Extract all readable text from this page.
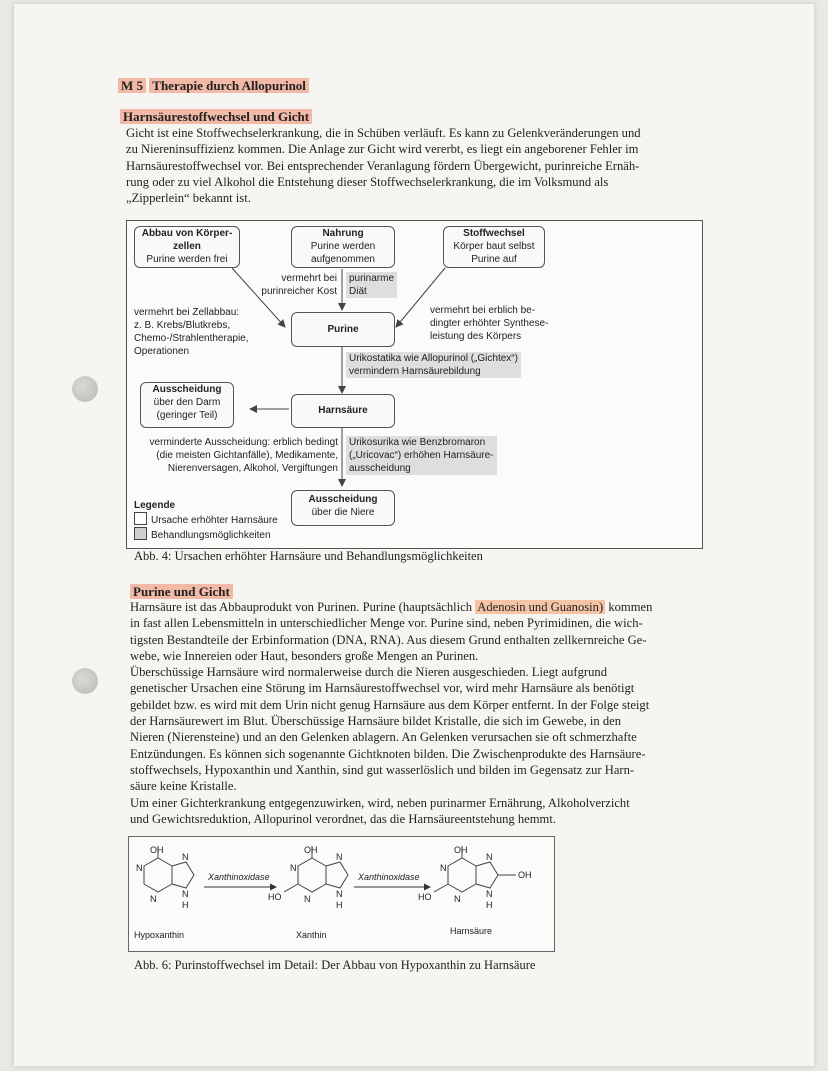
M 5 Therapie durch Allopurinol
Harnsäurestoffwechsel und Gicht

Gicht ist eine Stoffwechselerkrankung, die in Schüben verläuft. Es kann zu Gelenkveränderungen und

zu Niereninsuffizienz kommen. Die Anlage zur Gicht wird vererbt, es liegt ein angeborener Fehler im

Harnsäurestoffwechsel vor. Bei entsprechender Veranlagung fördern Übergewicht, purinreiche Ernäh-

rung oder zu viel Alkohol die Entstehung dieser Stoffwechselerkrankung, die im Volksmund als

„Zipperlein“ bekannt ist.

Abbau von Körper-
zellen
Purine werden frei
Nahrung
Purine werden
aufgenommen
Stoffwechsel
Körper baut selbst
Purine auf
vermehrt bei
purinreicher Kost
purinarme
Diät
vermehrt bei Zellabbau:
z. B. Krebs/Blutkrebs,
Chemo-/Strahlentherapie,
Operationen
vermehrt bei erblich be-
dingter erhöhter Synthese-
leistung des Körpers
Purine
Urikostatika wie Allopurinol („Gichtex“)
vermindern Harnsäurebildung
Ausscheidung
über den Darm
(geringer Teil)	Harnsäure
verminderte Ausscheidung: erblich bedingt
(die meisten Gichtanfälle), Medikamente,
Nierenversagen, Alkohol, Vergiftungen
Urikosurika wie Benzbromaron
(„Uricovac“) erhöhen Harnsäure-
ausscheidung
Ausscheidung
über die Niere
Legende
Ursache erhöhter Harnsäure
Behandlungsmöglichkeiten
Abb. 4: Ursachen erhöhter Harnsäure und Behandlungsmöglichkeiten
Purine und Gicht

Harnsäure ist das Abbauprodukt von Purinen. Purine (hauptsächlich Adenosin und Guanosin) kommen

in fast allen Lebensmitteln in unterschiedlicher Menge vor. Purine sind, neben Pyrimidinen, die wich-

tigsten Bestandteile der Erbinformation (DNA, RNA). Aus diesem Grund enthalten zellkernreiche Ge-

webe, wie Innereien oder Haut, besonders große Mengen an Purinen.

Überschüssige Harnsäure wird normalerweise durch die Nieren ausgeschieden. Liegt aufgrund

genetischer Ursachen eine Störung im Harnsäurestoffwechsel vor, wird mehr Harnsäure als benötigt

gebildet bzw. es wird mit dem Urin nicht genug Harnsäure aus dem Körper entfernt. In der Folge steigt

der Harnsäurewert im Blut. Überschüssige Harnsäure bildet Kristalle, die sich im Gewebe, in den

Nieren (Nierensteine) und an den Gelenken ablagern. An Gelenken verursachen sie oft schmerzhafte

Entzündungen. Es können sich sogenannte Gichtknoten bilden. Die Zwischenprodukte des Harnsäure-

stoffwechsels, Hypoxanthin und Xanthin, sind gut wasserlöslich und bilden im Gegensatz zur Harn-

säure keine Kristalle.

Um einer Gichterkrankung entgegenzuwirken, wird, neben purinarmer Ernährung, Alkoholverzicht

und Gewichtsreduktion, Allopurinol verordnet, das die Harnsäureentstehung hemmt.

OH
N
N
N
N
H
OH
N
N
N
N
H
HO
OH
N
N
N
N
H
HO
OH
Xanthinoxidase	Xanthinoxidase
Hypoxanthin	Xanthin	Harnsäure
Abb. 6: Purinstoffwechsel im Detail: Der Abbau von Hypoxanthin zu Harnsäure
